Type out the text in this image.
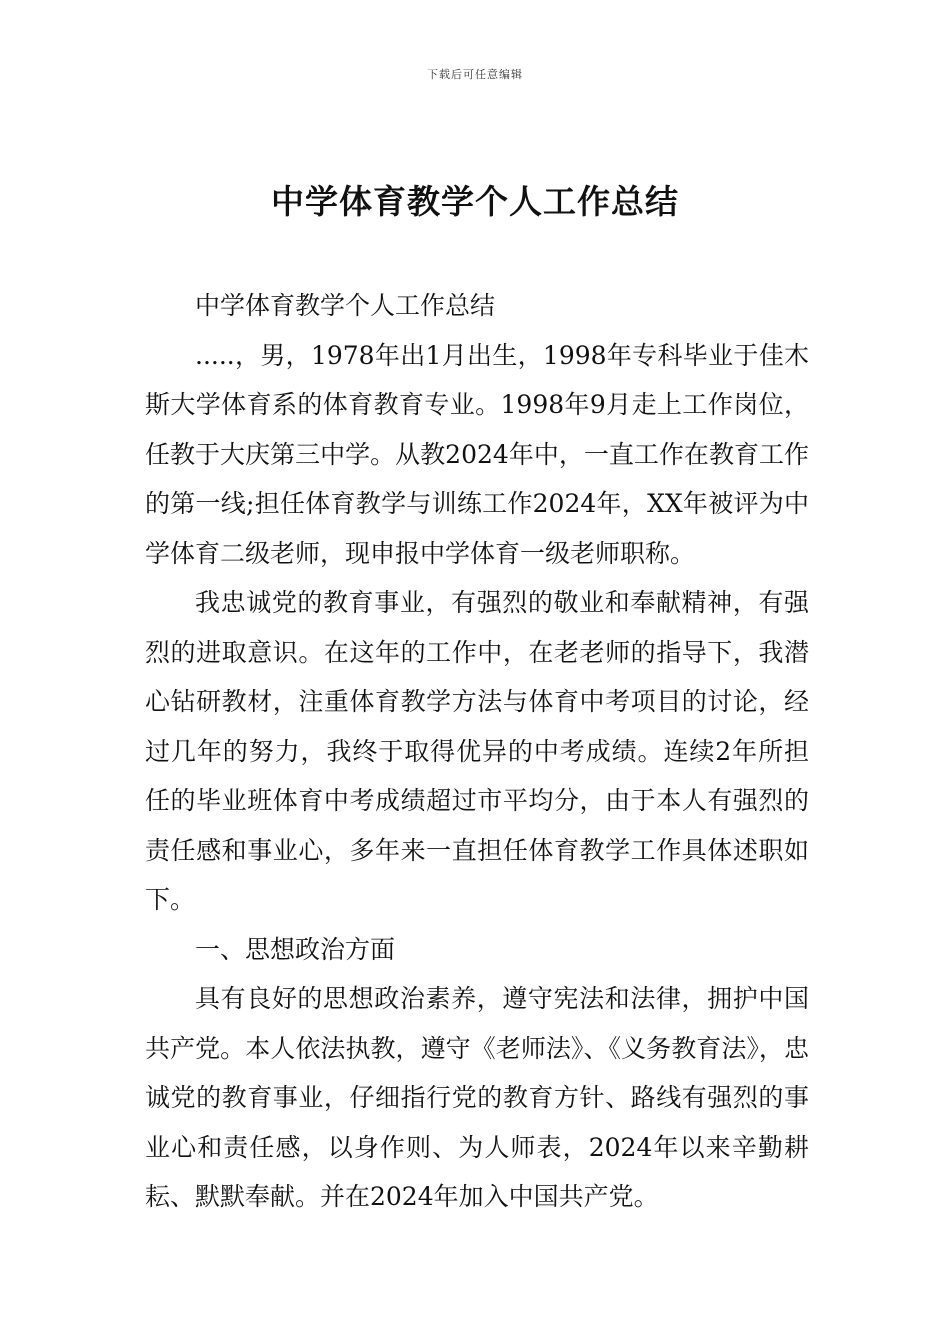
下载后可任意编辑
中学体育教学个人工作总结

中学体育教学个人工作总结

.....，男，1978年出1月出生，1998年专科毕业于佳木斯大学体育系的体育教育专业。1998年9月走上工作岗位，任教于大庆第三中学。从教2024年中，一直工作在教育工作的第一线;担任体育教学与训练工作2024年，XX年被评为中学体育二级老师，现申报中学体育一级老师职称。

我忠诚党的教育事业，有强烈的敬业和奉献精神，有强烈的进取意识。在这年的工作中，在老老师的指导下，我潜心钻研教材，注重体育教学方法与体育中考项目的讨论，经过几年的努力，我终于取得优异的中考成绩。连续2年所担任的毕业班体育中考成绩超过市平均分，由于本人有强烈的责任感和事业心，多年来一直担任体育教学工作具体述职如下。

一、思想政治方面

具有良好的思想政治素养，遵守宪法和法律，拥护中国共产党。本人依法执教，遵守《老师法》、《义务教育法》，忠诚党的教育事业，仔细指行党的教育方针、路线有强烈的事业心和责任感，以身作则、为人师表，2024年以来辛勤耕耘、默默奉献。并在2024年加入中国共产党。
